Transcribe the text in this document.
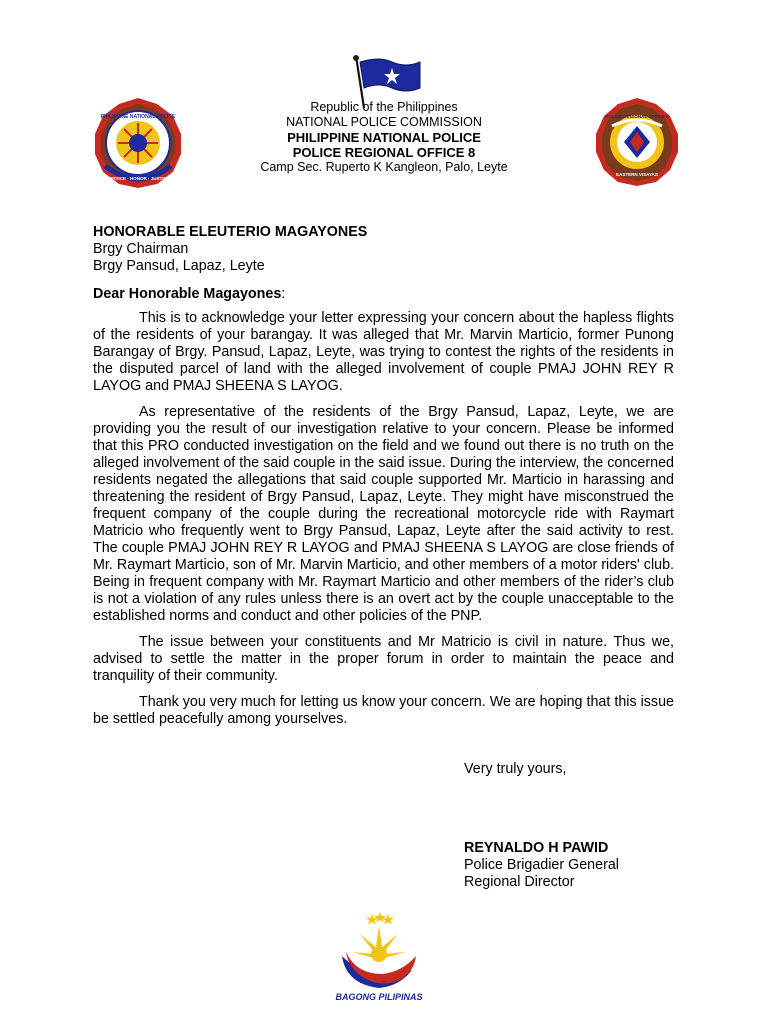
PHILIPPINE NATIONAL POLICE
SERVICE · HONOR · JUSTICE
POLICE REGIONAL OFFICE 8
EASTERN VISAYAS
Republic of the Philippines
NATIONAL POLICE COMMISSION
PHILIPPINE NATIONAL POLICE
POLICE REGIONAL OFFICE 8
Camp Sec. Ruperto K Kangleon, Palo, Leyte
HONORABLE ELEUTERIO MAGAYONES
Brgy Chairman
Brgy Pansud, Lapaz, Leyte
Dear Honorable Magayones:

This is to acknowledge your letter expressing your concern about the hapless flights of the residents of your barangay. It was alleged that Mr. Marvin Marticio, former Punong Barangay of Brgy. Pansud, Lapaz, Leyte, was trying to contest the rights of the residents in the disputed parcel of land with the alleged involvement of couple PMAJ JOHN REY R LAYOG and PMAJ SHEENA S LAYOG.

As representative of the residents of the Brgy Pansud, Lapaz, Leyte, we are providing you the result of our investigation relative to your concern. Please be informed that this PRO conducted investigation on the field and we found out there is no truth on the alleged involvement of the said couple in the said issue. During the interview, the concerned residents negated the allegations that said couple supported Mr. Marticio in harassing and threatening the resident of Brgy Pansud, Lapaz, Leyte. They might have misconstrued the frequent company of the couple during the recreational motorcycle ride with Raymart Matricio who frequently went to Brgy Pansud, Lapaz, Leyte after the said activity to rest. The couple PMAJ JOHN REY R LAYOG and PMAJ SHEENA S LAYOG are close friends of Mr. Raymart Marticio, son of Mr. Marvin Marticio, and other members of a motor riders' club. Being in frequent company with Mr. Raymart Marticio and other members of the rider’s club is not a violation of any rules unless there is an overt act by the couple unacceptable to the established norms and conduct and other policies of the PNP.

The issue between your constituents and Mr Matricio is civil in nature. Thus we, advised to settle the matter in the proper forum in order to maintain the peace and tranquility of their community.

Thank you very much for letting us know your concern. We are hoping that this issue be settled peacefully among yourselves.

Very truly yours,
REYNALDO H PAWID
Police Brigadier General
Regional Director
BAGONG PILIPINAS
